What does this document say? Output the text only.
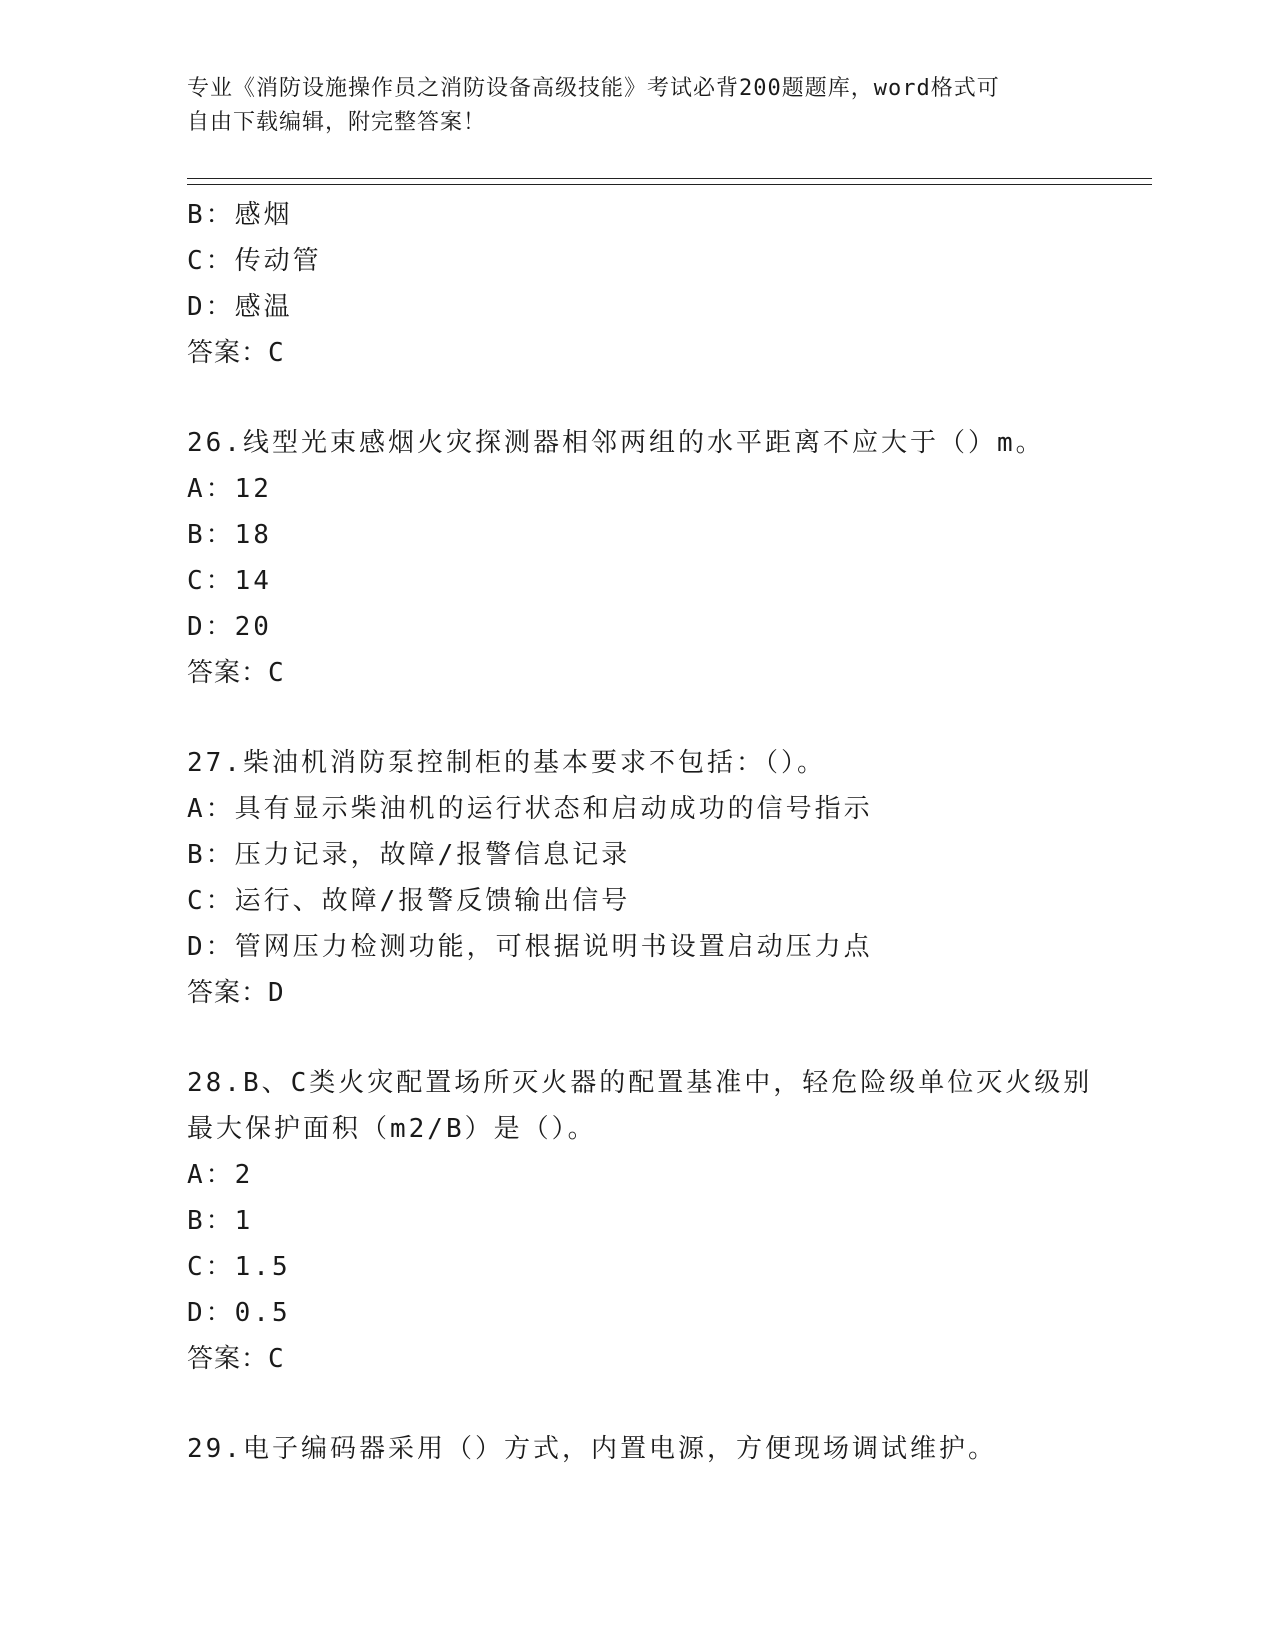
专业《消防设施操作员之消防设备高级技能》考试必背200题题库，word格式可
自由下载编辑，附完整答案！
B：感烟
C：传动管
D：感温
答案：C
26.线型光束感烟火灾探测器相邻两组的水平距离不应大于（）m。
A：12
B：18
C：14
D：20
答案：C
27.柴油机消防泵控制柜的基本要求不包括：（）。
A：具有显示柴油机的运行状态和启动成功的信号指示
B：压力记录，故障/报警信息记录
C：运行、故障/报警反馈输出信号
D：管网压力检测功能，可根据说明书设置启动压力点
答案：D
28.B、C类火灾配置场所灭火器的配置基准中，轻危险级单位灭火级别
最大保护面积（m2/B）是（）。
A：2
B：1
C：1.5
D：0.5
答案：C
29.电子编码器采用（）方式，内置电源，方便现场调试维护。
